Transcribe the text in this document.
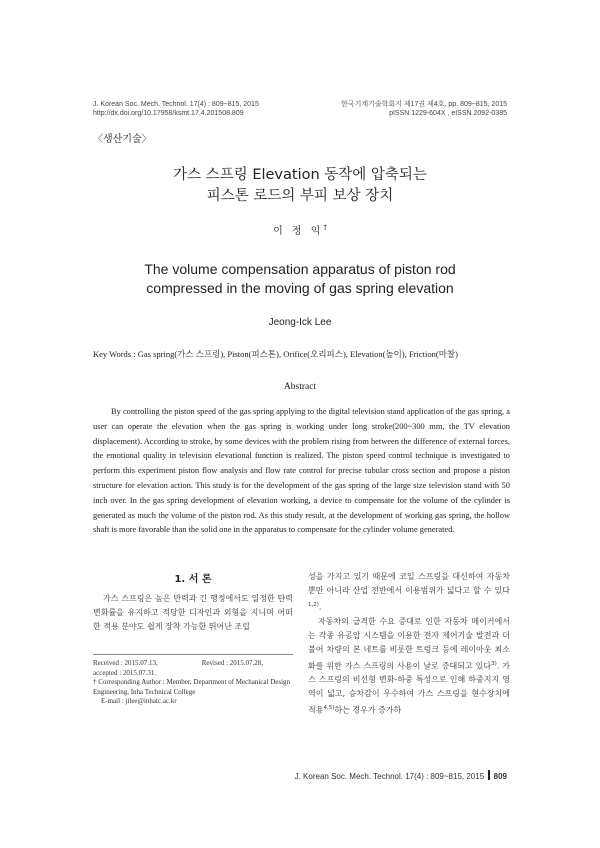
J. Korean Soc. Mech. Technol. 17(4) : 809~815, 2015
http://dx.doi.org/10.17958/ksmt.17.4.201508.809
한국기계기술학회지 제17권 제4호, pp. 809~815, 2015
pISSN 1229-604X , eISSN 2092-0385
〈생산기술〉
가스 스프링 Elevation 동작에 압축되는
피스톤 로드의 부피 보상 장치
이 정 익†
The volume compensation apparatus of piston rod
compressed in the moving of gas spring elevation
Jeong-Ick Lee
Key Words : Gas spring(가스 스프링), Piston(피스톤), Orifice(오리피스), Elevation(높이), Friction(마찰)
Abstract

By controlling the piston speed of the gas spring applying to the digital television stand application of the gas spring, a user can operate the elevation when the gas spring is working under long stroke(200~300 mm, the TV elevation displacement). According to stroke, by some devices with the problem rising from between the difference of external forces, the emotional quality in television elevational function is realized. The piston speed control technique is investigated to perform this experiment piston flow analysis and flow rate control for precise tubular cross section and propose a piston structure for elevation action. This study is for the development of the gas spring of the large size television stand with 50 inch over. In the gas spring development of elevation working, a device to compensate for the volume of the cylinder is generated as much the volume of the piston rod. As this study result, at the development of working gas spring, the hollow shaft is more favorable than the solid one in the apparatus to compensate for the cylinder volume generated.

1. 서 론

가스 스프링은 높은 반력과 긴 행정에서도 일정한 탄력 변화률을 유지하고 적당한 디자인과 외형을 지니며 어떠한 적용 분야도 쉽게 장착 가능한 뛰어난 조립

Received : 2015.07.13,	Revised : 2015.07.28,
accepted : 2015.07.31.
† Corresponding Author : Member, Department of Mechanical Design Engineering, Inha Technical College
E-mail : jilee@inhatc.ac.kr

성을 가지고 있기 때문에 코일 스프링을 대신하여 자동차뿐만 아니라 산업 전반에서 이용범위가 넓다고 할 수 있다$^{1,2)}$.

자동차의 급격한 수요 증대로 인한 자동차 메이커에서는 각종 유공압 시스템을 이용한 전자 제어기술 발전과 더불어 차량의 본 네트를 비롯한 트렁크 등에 레이아웃 최소화를 위한 가스 스프링의 사용이 날로 증대되고 있다$^{3)}$. 가스 스프링의 비선형 변화-하중 특성으로 인해 하중지지 영역이 넓고, 승차감이 우수하여 가스 스프링을 현수장치에 적용$^{4,5)}$하는 경우가 증가하

J. Korean Soc. Mech. Technol. 17(4) : 809~815, 2015 809
